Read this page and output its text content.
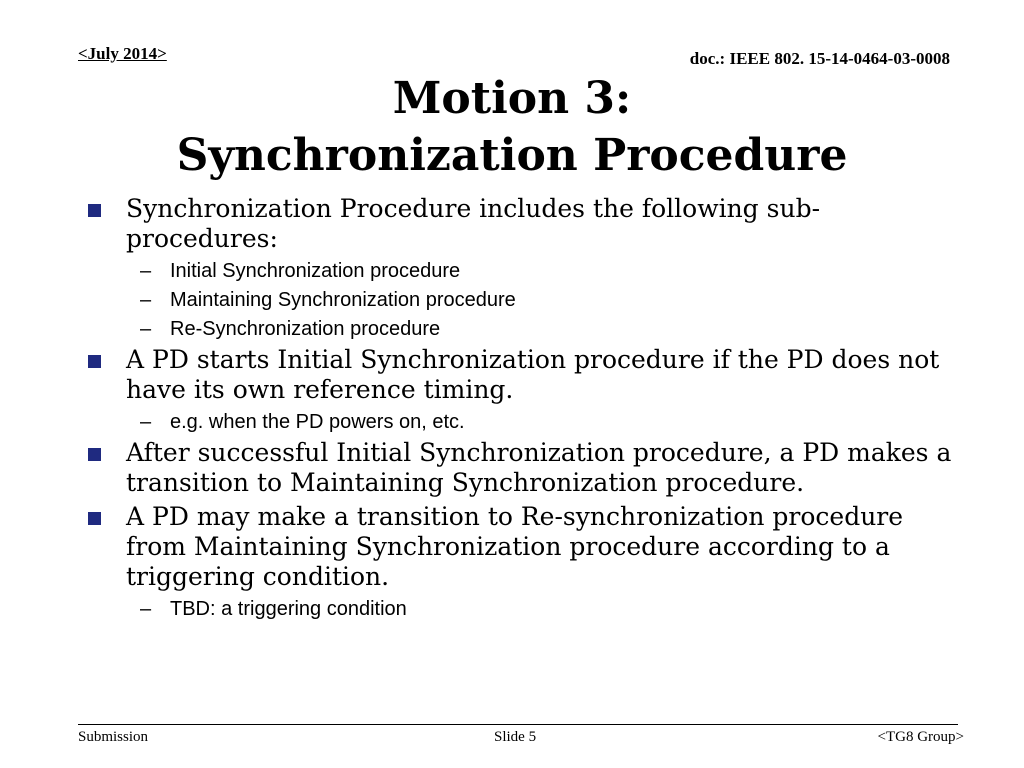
<July 2014>	doc.: IEEE 802. 15-14-0464-03-0008
Motion 3:
Synchronization Procedure
Synchronization Procedure includes the following sub-procedures:
– Initial Synchronization procedure
– Maintaining Synchronization procedure
– Re-Synchronization procedure
A PD starts Initial Synchronization procedure if the PD does not have its own reference timing.
– e.g. when the PD powers on, etc.
After successful Initial Synchronization procedure, a PD makes a transition to Maintaining Synchronization procedure.
A PD may make a transition to Re-synchronization procedure from Maintaining Synchronization procedure according to a triggering condition.
– TBD: a triggering condition
Submission	Slide 5	<TG8 Group>
